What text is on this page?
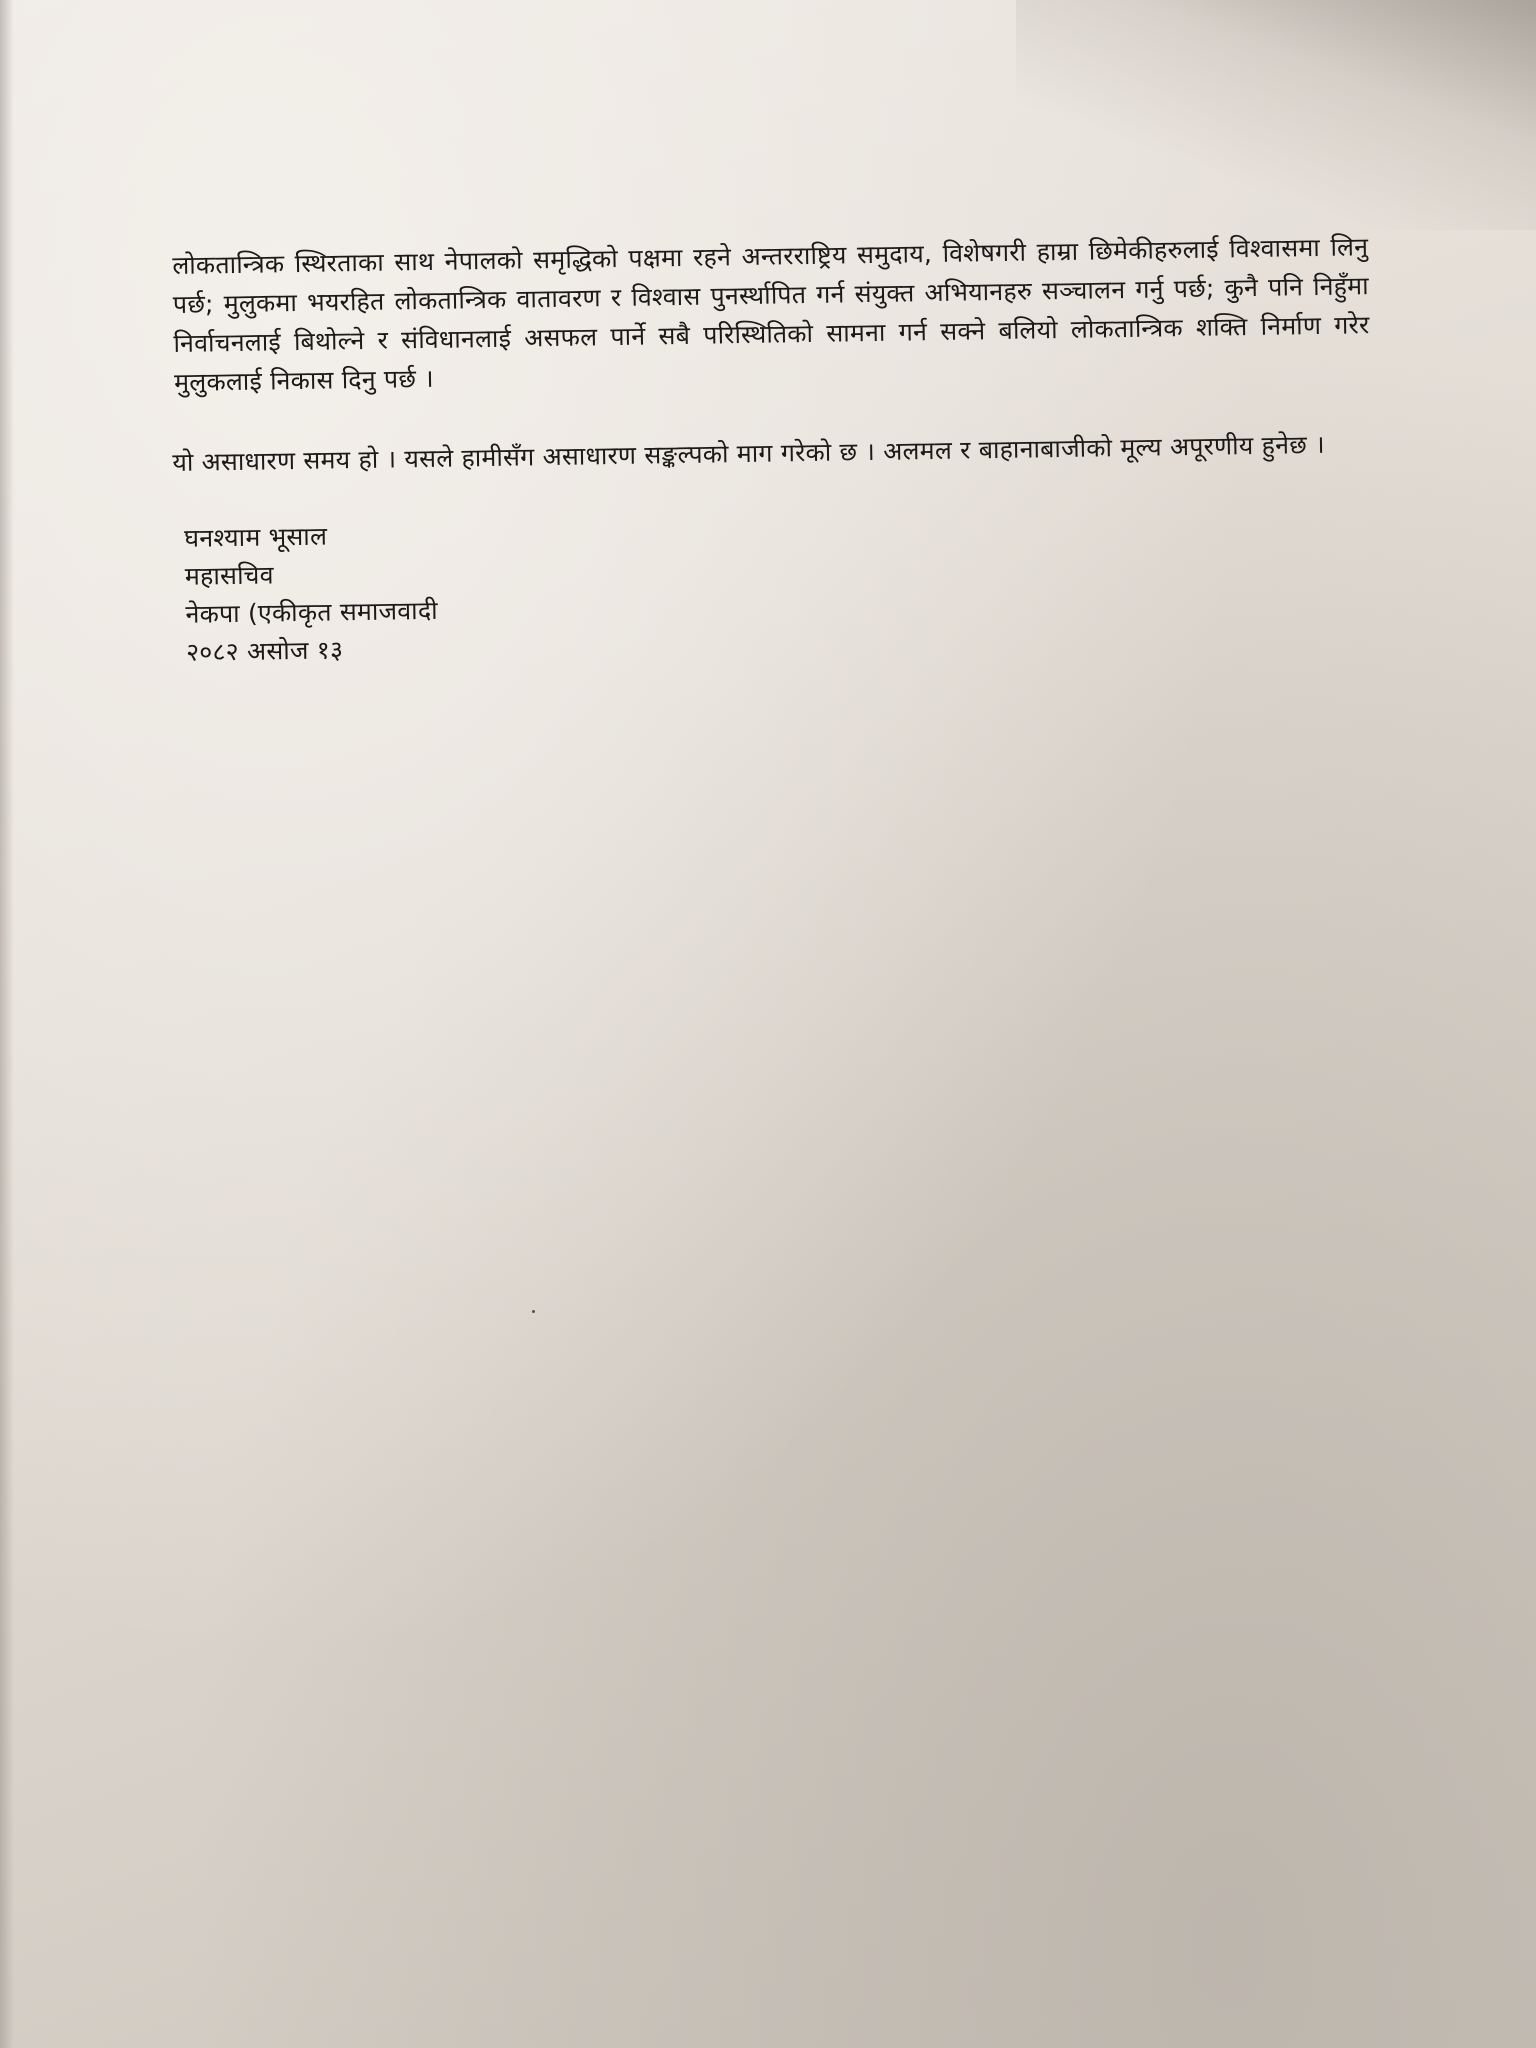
लोकतान्त्रिक स्थिरताका साथ नेपालको समृद्धिको पक्षमा रहने अन्तरराष्ट्रिय समुदाय, विशेषगरी हाम्रा छिमेकीहरुलाई विश्वासमा लिनु पर्छ; मुलुकमा भयरहित लोकतान्त्रिक वातावरण र विश्वास पुनर्स्थापित गर्न संयुक्त अभियानहरु सञ्चालन गर्नु पर्छ; कुनै पनि निहुँमा निर्वाचनलाई बिथोल्ने र संविधानलाई असफल पार्ने सबै परिस्थितिको सामना गर्न सक्ने बलियो लोकतान्त्रिक शक्ति निर्माण गरेर मुलुकलाई निकास दिनु पर्छ ।

यो असाधारण समय हो । यसले हामीसँग असाधारण सङ्कल्पको माग गरेको छ । अलमल र बाहानाबाजीको मूल्य अपूरणीय हुनेछ ।

घनश्याम भूसाल
महासचिव
नेकपा (एकीकृत समाजवादी
२०८२ असोज १३
